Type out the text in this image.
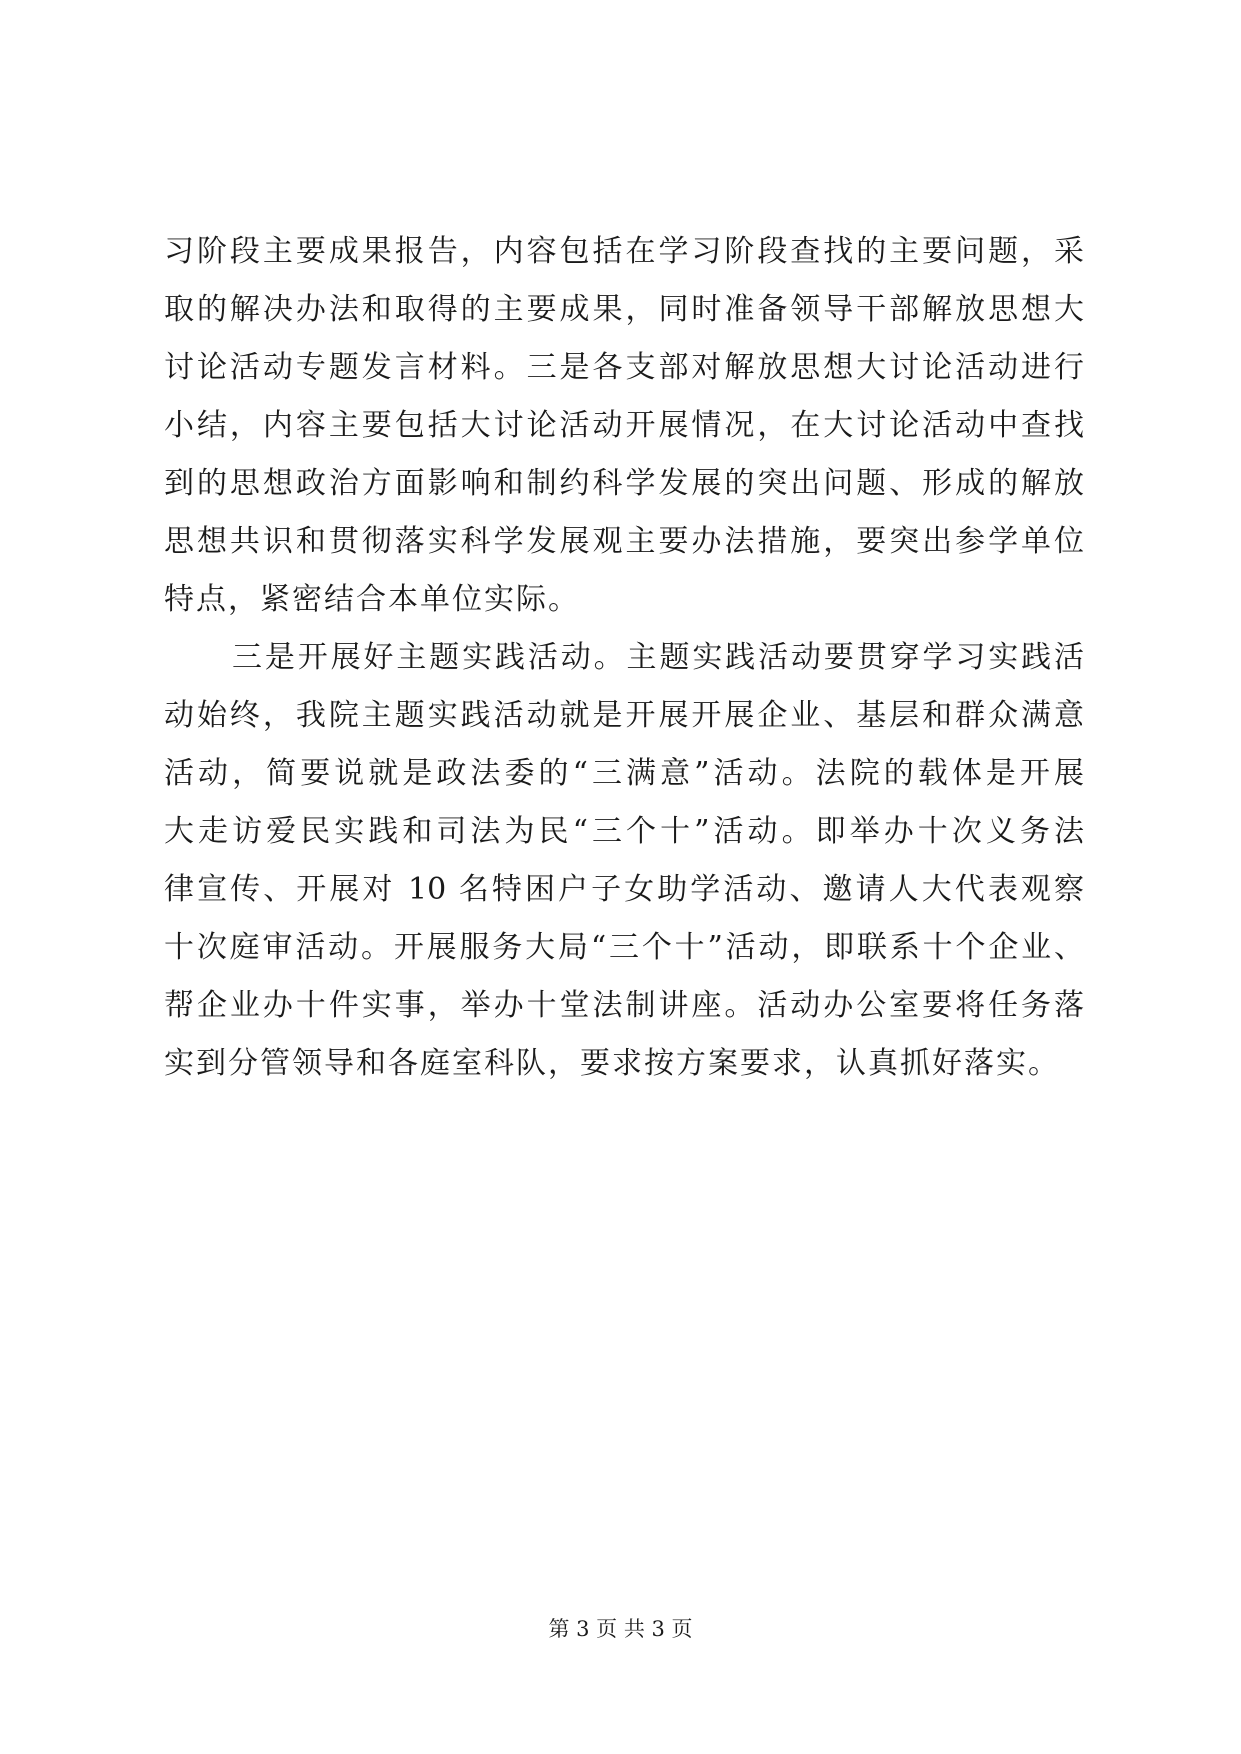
习阶段主要成果报告，内容包括在学习阶段查找的主要问题，采
取的解决办法和取得的主要成果，同时准备领导干部解放思想大
讨论活动专题发言材料。三是各支部对解放思想大讨论活动进行
小结，内容主要包括大讨论活动开展情况，在大讨论活动中查找
到的思想政治方面影响和制约科学发展的突出问题、形成的解放
思想共识和贯彻落实科学发展观主要办法措施，要突出参学单位
特点，紧密结合本单位实际。
三是开展好主题实践活动。主题实践活动要贯穿学习实践活
动始终，我院主题实践活动就是开展开展企业、基层和群众满意
活动，简要说就是政法委的“三满意”活动。法院的载体是开展
大走访爱民实践和司法为民“三个十”活动。即举办十次义务法
律宣传、开展对 10 名特困户子女助学活动、邀请人大代表观察
十次庭审活动。开展服务大局“三个十”活动，即联系十个企业、
帮企业办十件实事，举办十堂法制讲座。活动办公室要将任务落
实到分管领导和各庭室科队，要求按方案要求，认真抓好落实。
第 3 页 共 3 页
